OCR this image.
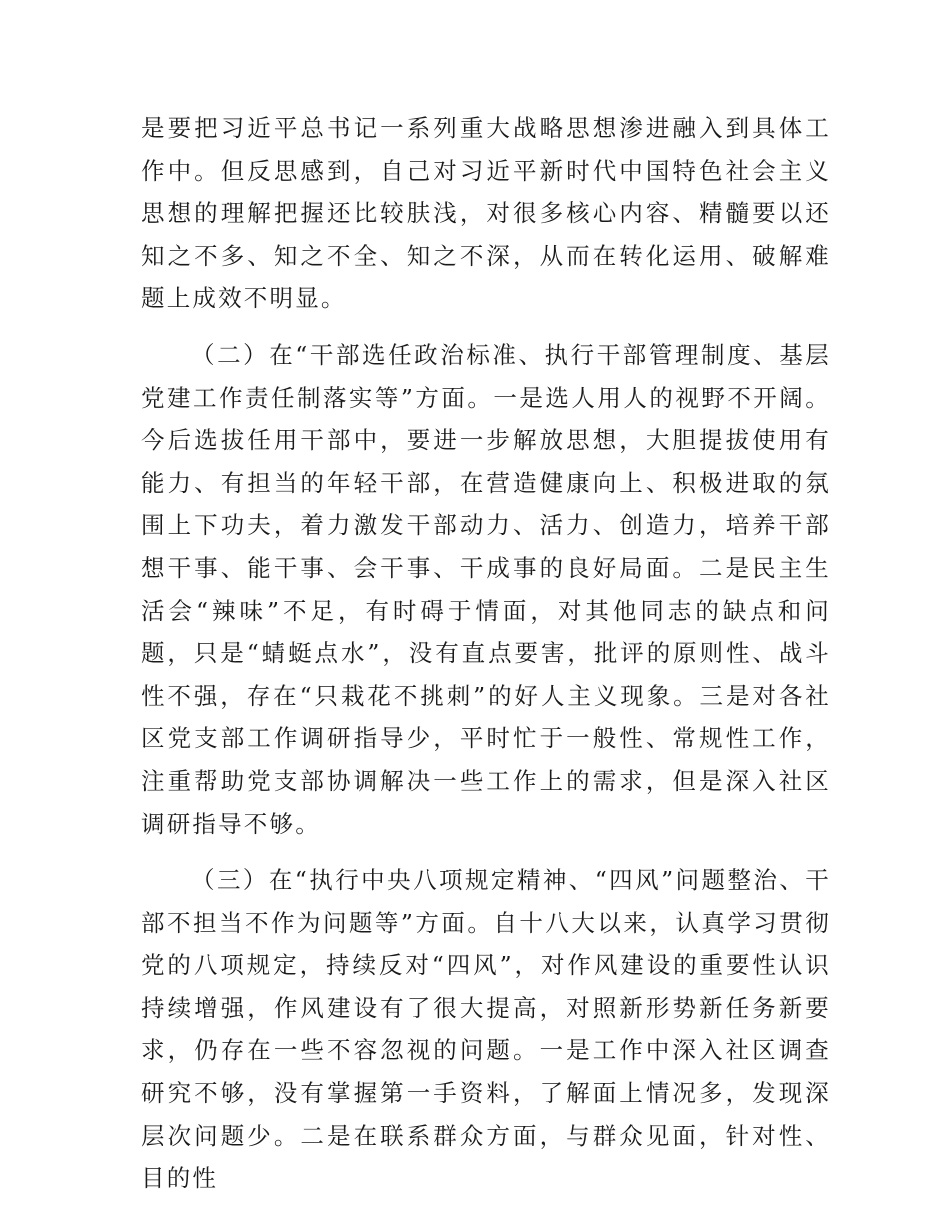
是要把习近平总书记一系列重大战略思想渗进融入到具体工作中。但反思感到，自己对习近平新时代中国特色社会主义思想的理解把握还比较肤浅，对很多核心内容、精髓要以还知之不多、知之不全、知之不深，从而在转化运用、破解难题上成效不明显。

（二）在“干部选任政治标准、执行干部管理制度、基层党建工作责任制落实等”方面。一是选人用人的视野不开阔。今后选拔任用干部中，要进一步解放思想，大胆提拔使用有能力、有担当的年轻干部，在营造健康向上、积极进取的氛围上下功夫，着力激发干部动力、活力、创造力，培养干部想干事、能干事、会干事、干成事的良好局面。二是民主生活会“辣味”不足，有时碍于情面，对其他同志的缺点和问题，只是“蜻蜓点水”，没有直点要害，批评的原则性、战斗性不强，存在“只栽花不挑刺”的好人主义现象。三是对各社区党支部工作调研指导少，平时忙于一般性、常规性工作，注重帮助党支部协调解决一些工作上的需求，但是深入社区调研指导不够。

（三）在“执行中央八项规定精神、“四风”问题整治、干部不担当不作为问题等”方面。自十八大以来，认真学习贯彻党的八项规定，持续反对“四风”，对作风建设的重要性认识持续增强，作风建设有了很大提高，对照新形势新任务新要求，仍存在一些不容忽视的问题。一是工作中深入社区调查研究不够，没有掌握第一手资料，了解面上情况多，发现深层次问题少。二是在联系群众方面，与群众见面，针对性、目的性
